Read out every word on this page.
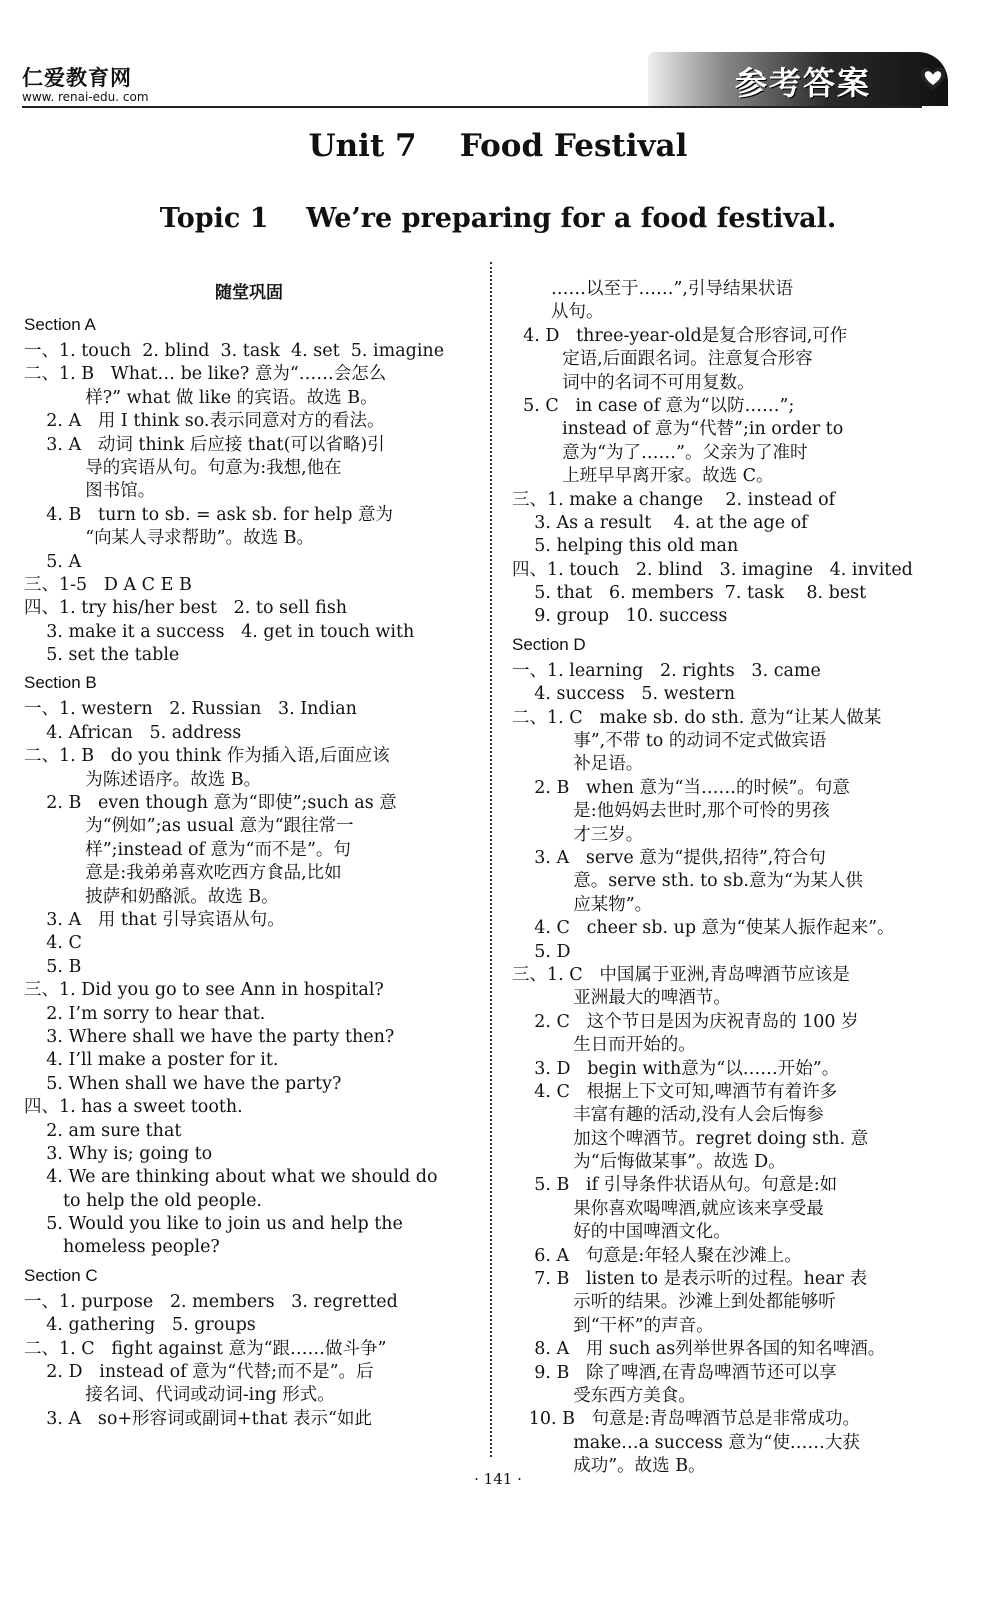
仁爱教育网
www. renai-edu. com	参考答案
Unit 7    Food Festival
Topic 1    We’re preparing for a food festival.
随堂巩固
Section A
一、1. touch  2. blind  3. task  4. set  5. imagine
二、1. B   What… be like? 意为“……会怎么
样?” what 做 like 的宾语。故选 B。
2. A   用 I think so.表示同意对方的看法。
3. A   动词 think 后应接 that(可以省略)引
导的宾语从句。句意为:我想,他在
图书馆。
4. B   turn to sb. = ask sb. for help 意为
“向某人寻求帮助”。故选 B。
5. A
三、1-5   D A C E B
四、1. try his/her best   2. to sell fish
3. make it a success   4. get in touch with
5. set the table
Section B
一、1. western   2. Russian   3. Indian
4. African   5. address
二、1. B   do you think 作为插入语,后面应该
为陈述语序。故选 B。
2. B   even though 意为“即使”;such as 意
为“例如”;as usual 意为“跟往常一
样”;instead of 意为“而不是”。句
意是:我弟弟喜欢吃西方食品,比如
披萨和奶酪派。故选 B。
3. A   用 that 引导宾语从句。
4. C
5. B
三、1. Did you go to see Ann in hospital?
2. I’m sorry to hear that.
3. Where shall we have the party then?
4. I’ll make a poster for it.
5. When shall we have the party?
四、1. has a sweet tooth.
2. am sure that
3. Why is; going to
4. We are thinking about what we should do
to help the old people.
5. Would you like to join us and help the
homeless people?
Section C
一、1. purpose   2. members   3. regretted
4. gathering   5. groups
二、1. C   fight against 意为“跟……做斗争”
2. D   instead of 意为“代替;而不是”。后
接名词、代词或动词-ing 形式。
3. A   so+形容词或副词+that 表示“如此
……以至于……”,引导结果状语
从句。
4. D   three-year-old是复合形容词,可作
定语,后面跟名词。注意复合形容
词中的名词不可用复数。
5. C   in case of 意为“以防……”;
instead of 意为“代替”;in order to
意为“为了……”。父亲为了准时
上班早早离开家。故选 C。
三、1. make a change    2. instead of
3. As a result    4. at the age of
5. helping this old man
四、1. touch   2. blind   3. imagine   4. invited
5. that   6. members  7. task    8. best
9. group   10. success
Section D
一、1. learning   2. rights   3. came
4. success   5. western
二、1. C   make sb. do sth. 意为“让某人做某
事”,不带 to 的动词不定式做宾语
补足语。
2. B   when 意为“当……的时候”。句意
是:他妈妈去世时,那个可怜的男孩
才三岁。
3. A   serve 意为“提供,招待”,符合句
意。serve sth. to sb.意为“为某人供
应某物”。
4. C   cheer sb. up 意为“使某人振作起来”。
5. D
三、1. C   中国属于亚洲,青岛啤酒节应该是
亚洲最大的啤酒节。
2. C   这个节日是因为庆祝青岛的 100 岁
生日而开始的。
3. D   begin with意为“以……开始”。
4. C   根据上下文可知,啤酒节有着许多
丰富有趣的活动,没有人会后悔参
加这个啤酒节。regret doing sth. 意
为“后悔做某事”。故选 D。
5. B   if 引导条件状语从句。句意是:如
果你喜欢喝啤酒,就应该来享受最
好的中国啤酒文化。
6. A   句意是:年轻人聚在沙滩上。
7. B   listen to 是表示听的过程。hear 表
示听的结果。沙滩上到处都能够听
到“干杯”的声音。
8. A   用 such as列举世界各国的知名啤酒。
9. B   除了啤酒,在青岛啤酒节还可以享
受东西方美食。
10. B   句意是:青岛啤酒节总是非常成功。
make…a success 意为“使……大获
成功”。故选 B。
· 141 ·
